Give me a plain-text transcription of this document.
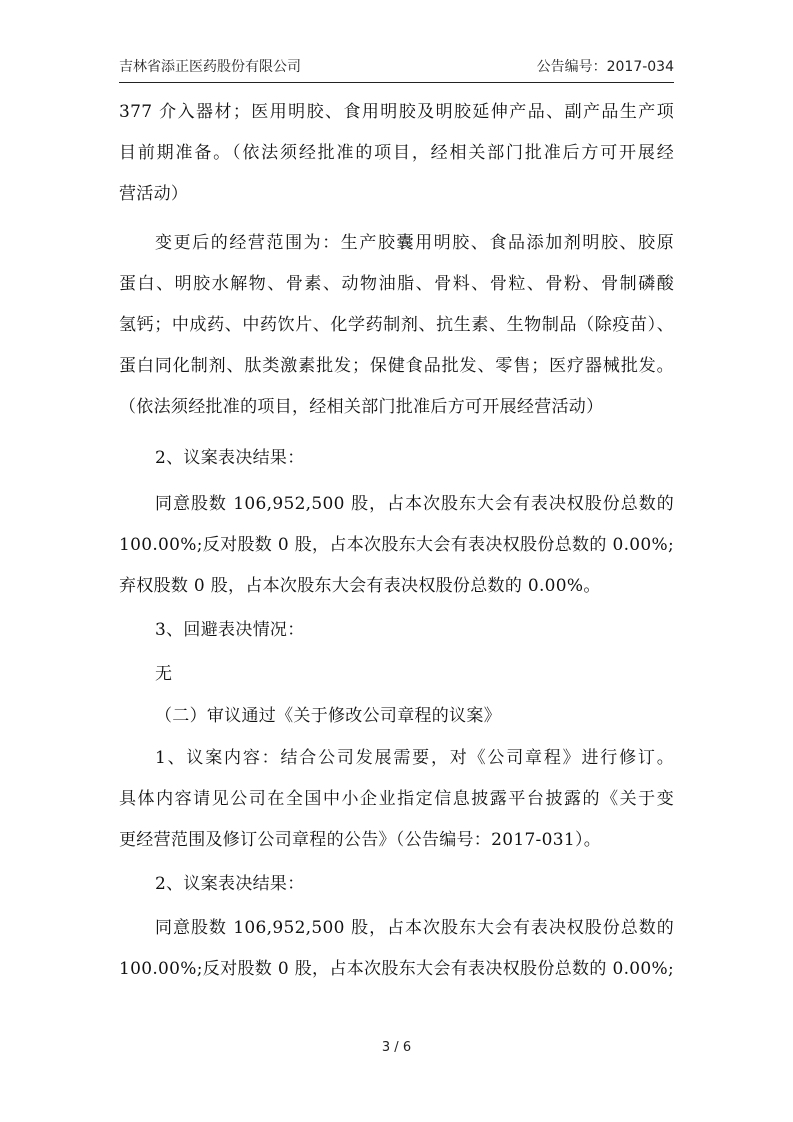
吉林省添正医药股份有限公司	公告编号：2017-034
377 介入器材；医用明胶、食用明胶及明胶延伸产品、副产品生产项
目前期准备。（依法须经批准的项目，经相关部门批准后方可开展经
营活动）
变更后的经营范围为：生产胶囊用明胶、食品添加剂明胶、胶原
蛋白、明胶水解物、骨素、动物油脂、骨料、骨粒、骨粉、骨制磷酸
氢钙；中成药、中药饮片、化学药制剂、抗生素、生物制品（除疫苗）、
蛋白同化制剂、肽类激素批发；保健食品批发、零售；医疗器械批发。
（依法须经批准的项目，经相关部门批准后方可开展经营活动）
2、议案表决结果：
同意股数 106,952,500 股，占本次股东大会有表决权股份总数的
100.00%;反对股数 0 股，占本次股东大会有表决权股份总数的 0.00%;
弃权股数 0 股，占本次股东大会有表决权股份总数的 0.00%。
3、回避表决情况：
无
（二）审议通过《关于修改公司章程的议案》
1、议案内容：结合公司发展需要，对《公司章程》进行修订。
具体内容请见公司在全国中小企业指定信息披露平台披露的《关于变
更经营范围及修订公司章程的公告》（公告编号：2017-031）。
2、议案表决结果：
同意股数 106,952,500 股，占本次股东大会有表决权股份总数的
100.00%;反对股数 0 股，占本次股东大会有表决权股份总数的 0.00%;
3 / 6
